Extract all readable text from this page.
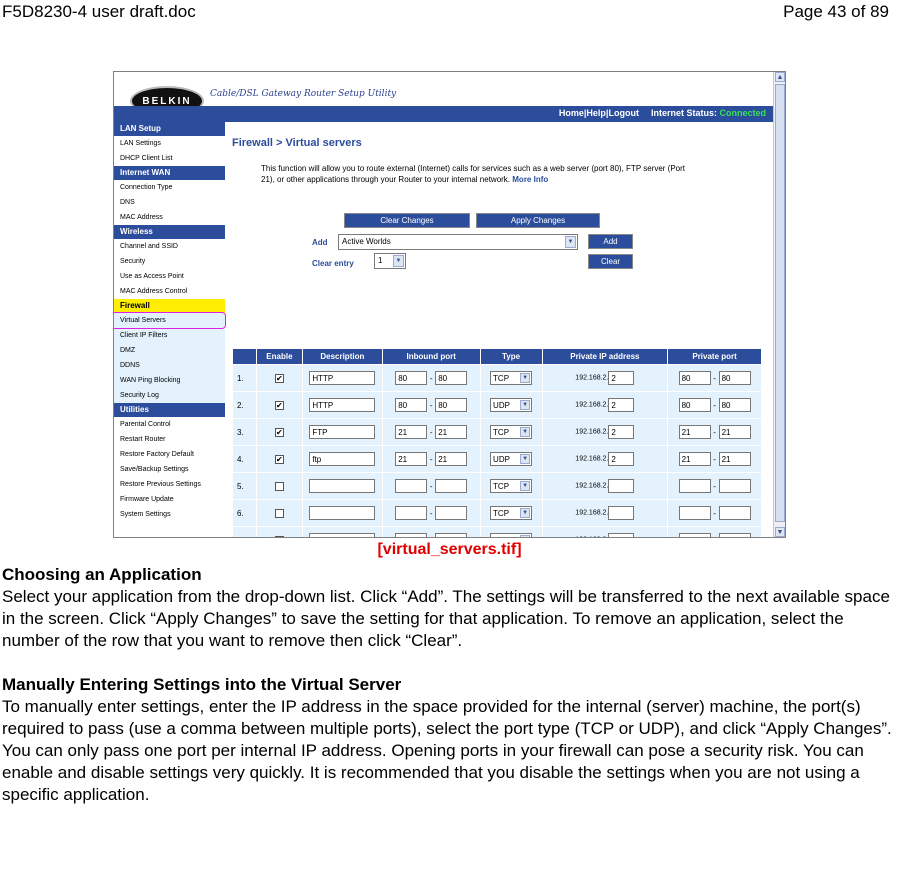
F5D8230-4 user draft.doc	Page 43 of 89
BELKIN
Cable/DSL Gateway Router Setup Utility
Home|Help|Logout Internet Status: Connected
LAN Setup
LAN Settings
DHCP Client List
Internet WAN
Connection Type
DNS
MAC Address
Wireless
Channel and SSID
Security
Use as Access Point
MAC Address Control
Firewall
Virtual Servers
Client IP Filters
DMZ
DDNS
WAN Ping Blocking
Security Log
Utilities
Parental Control
Restart Router
Restore Factory Default
Save/Backup Settings
Restore Previous Settings
Firmware Update
System Settings
Firewall > Virtual servers
This function will allow you to route external (Internet) calls for services such as a web server (port 80), FTP server (Port 21), or other applications through your Router to your internal network. More Info
Clear Changes	Apply Changes
Add	Active Worlds	▼	Add
Clear entry	1	▼	Clear
	Enable	Description	Inbound port	Type	Private IP address	Private port
1.	✔	HTTP	80 - 80	TCP ▼	192.168.2. 2	80 - 80
2.	✔	HTTP	80 - 80	UDP ▼	192.168.2. 2	80 - 80
3.	✔	FTP	21 - 21	TCP ▼	192.168.2. 2	21 - 21
4.	✔	ftp	21 - 21	UDP ▼	192.168.2. 2	21 - 21
5.			-	TCP ▼	192.168.2.	-
6.			-	TCP ▼	192.168.2.	-

▲
▼
[virtual_servers.tif]

Choosing an Application
Select your application from the drop-down list. Click “Add”. The settings will be transferred to the next available space in the screen. Click “Apply Changes” to save the setting for that application. To remove an application, select the number of the row that you want to remove then click “Clear”.

Manually Entering Settings into the Virtual Server
To manually enter settings, enter the IP address in the space provided for the internal (server) machine, the port(s) required to pass (use a comma between multiple ports), select the port type (TCP or UDP), and click “Apply Changes”. You can only pass one port per internal IP address. Opening ports in your firewall can pose a security risk. You can enable and disable settings very quickly. It is recommended that you disable the settings when you are not using a specific application.
